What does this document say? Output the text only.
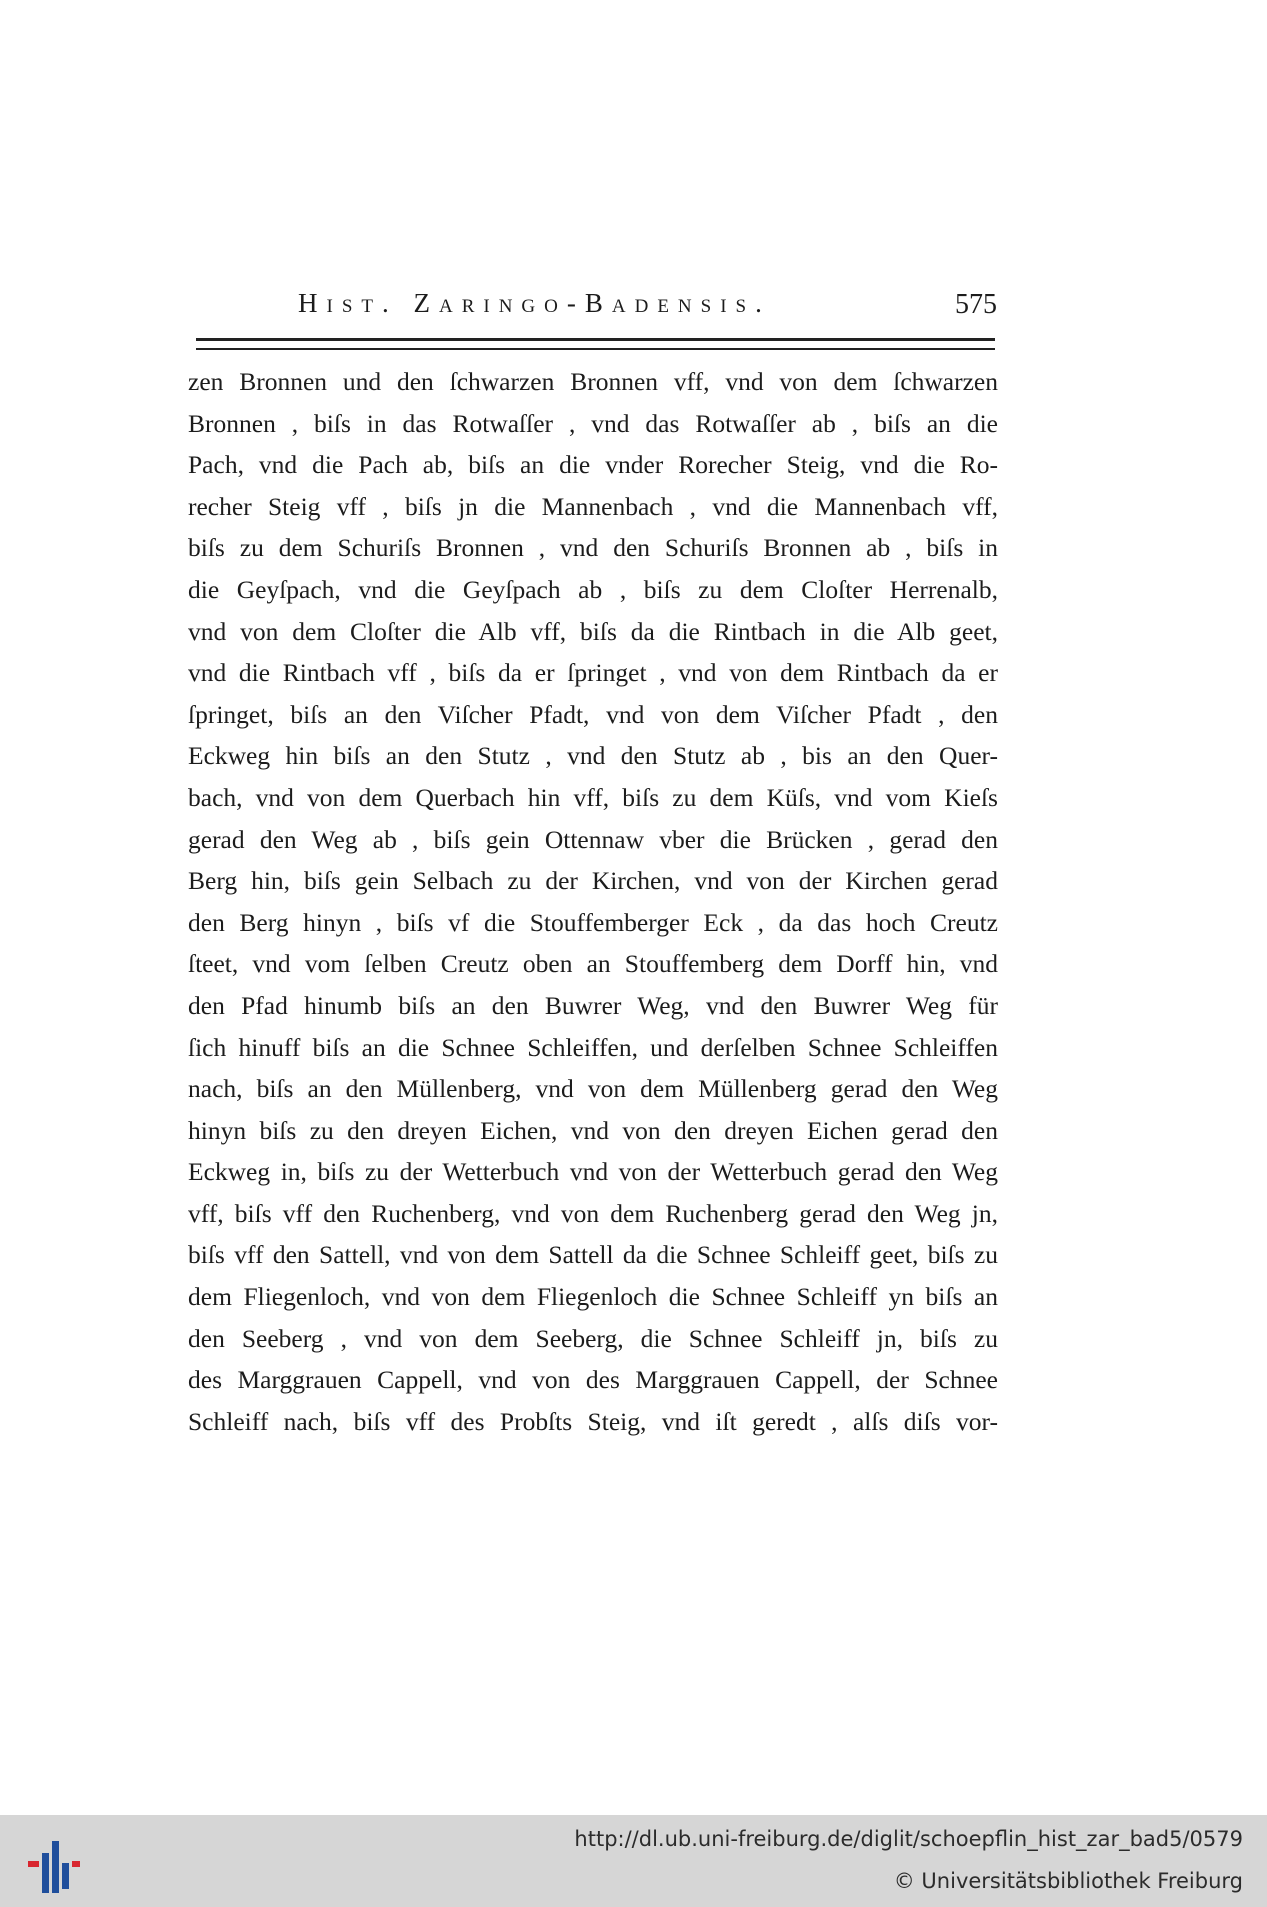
Hist. Zaringo-Badensis.	575
zen Bronnen und den ſchwarzen Bronnen vff, vnd von dem ſchwarzen
Bronnen , biſs in das Rotwaſſer , vnd das Rotwaſſer ab , biſs an die
Pach, vnd die Pach ab, biſs an die vnder Rorecher Steig, vnd die Ro-
recher Steig vff , biſs jn die Mannenbach , vnd die Mannenbach vff,
biſs zu dem Schuriſs Bronnen , vnd den Schuriſs Bronnen ab , biſs in
die Geyſpach, vnd die Geyſpach ab , biſs zu dem Cloſter Herrenalb,
vnd von dem Cloſter die Alb vff, biſs da die Rintbach in die Alb geet,
vnd die Rintbach vff , biſs da er ſpringet , vnd von dem Rintbach da er
ſpringet, biſs an den Viſcher Pfadt, vnd von dem Viſcher Pfadt , den
Eckweg hin biſs an den Stutz , vnd den Stutz ab , bis an den Quer-
bach, vnd von dem Querbach hin vff, biſs zu dem Küſs, vnd vom Kieſs
gerad den Weg ab , biſs gein Ottennaw vber die Brücken , gerad den
Berg hin, biſs gein Selbach zu der Kirchen, vnd von der Kirchen gerad
den Berg hinyn , biſs vf die Stouffemberger Eck , da das hoch Creutz
ſteet, vnd vom ſelben Creutz oben an Stouffemberg dem Dorff hin, vnd
den Pfad hinumb biſs an den Buwrer Weg, vnd den Buwrer Weg für
ſich hinuff biſs an die Schnee Schleiffen, und derſelben Schnee Schleiffen
nach, biſs an den Müllenberg, vnd von dem Müllenberg gerad den Weg
hinyn biſs zu den dreyen Eichen, vnd von den dreyen Eichen gerad den
Eckweg in, biſs zu der Wetterbuch vnd von der Wetterbuch gerad den Weg
vff, biſs vff den Ruchenberg, vnd von dem Ruchenberg gerad den Weg jn,
biſs vff den Sattell, vnd von dem Sattell da die Schnee Schleiff geet, biſs zu
dem Fliegenloch, vnd von dem Fliegenloch die Schnee Schleiff yn biſs an
den Seeberg , vnd von dem Seeberg, die Schnee Schleiff jn, biſs zu
des Marggrauen Cappell, vnd von des Marggrauen Cappell, der Schnee
Schleiff nach, biſs vff des Probſts Steig, vnd iſt geredt , alſs diſs vor-
http://dl.ub.uni-freiburg.de/diglit/schoepflin_hist_zar_bad5/0579
© Universitätsbibliothek Freiburg
